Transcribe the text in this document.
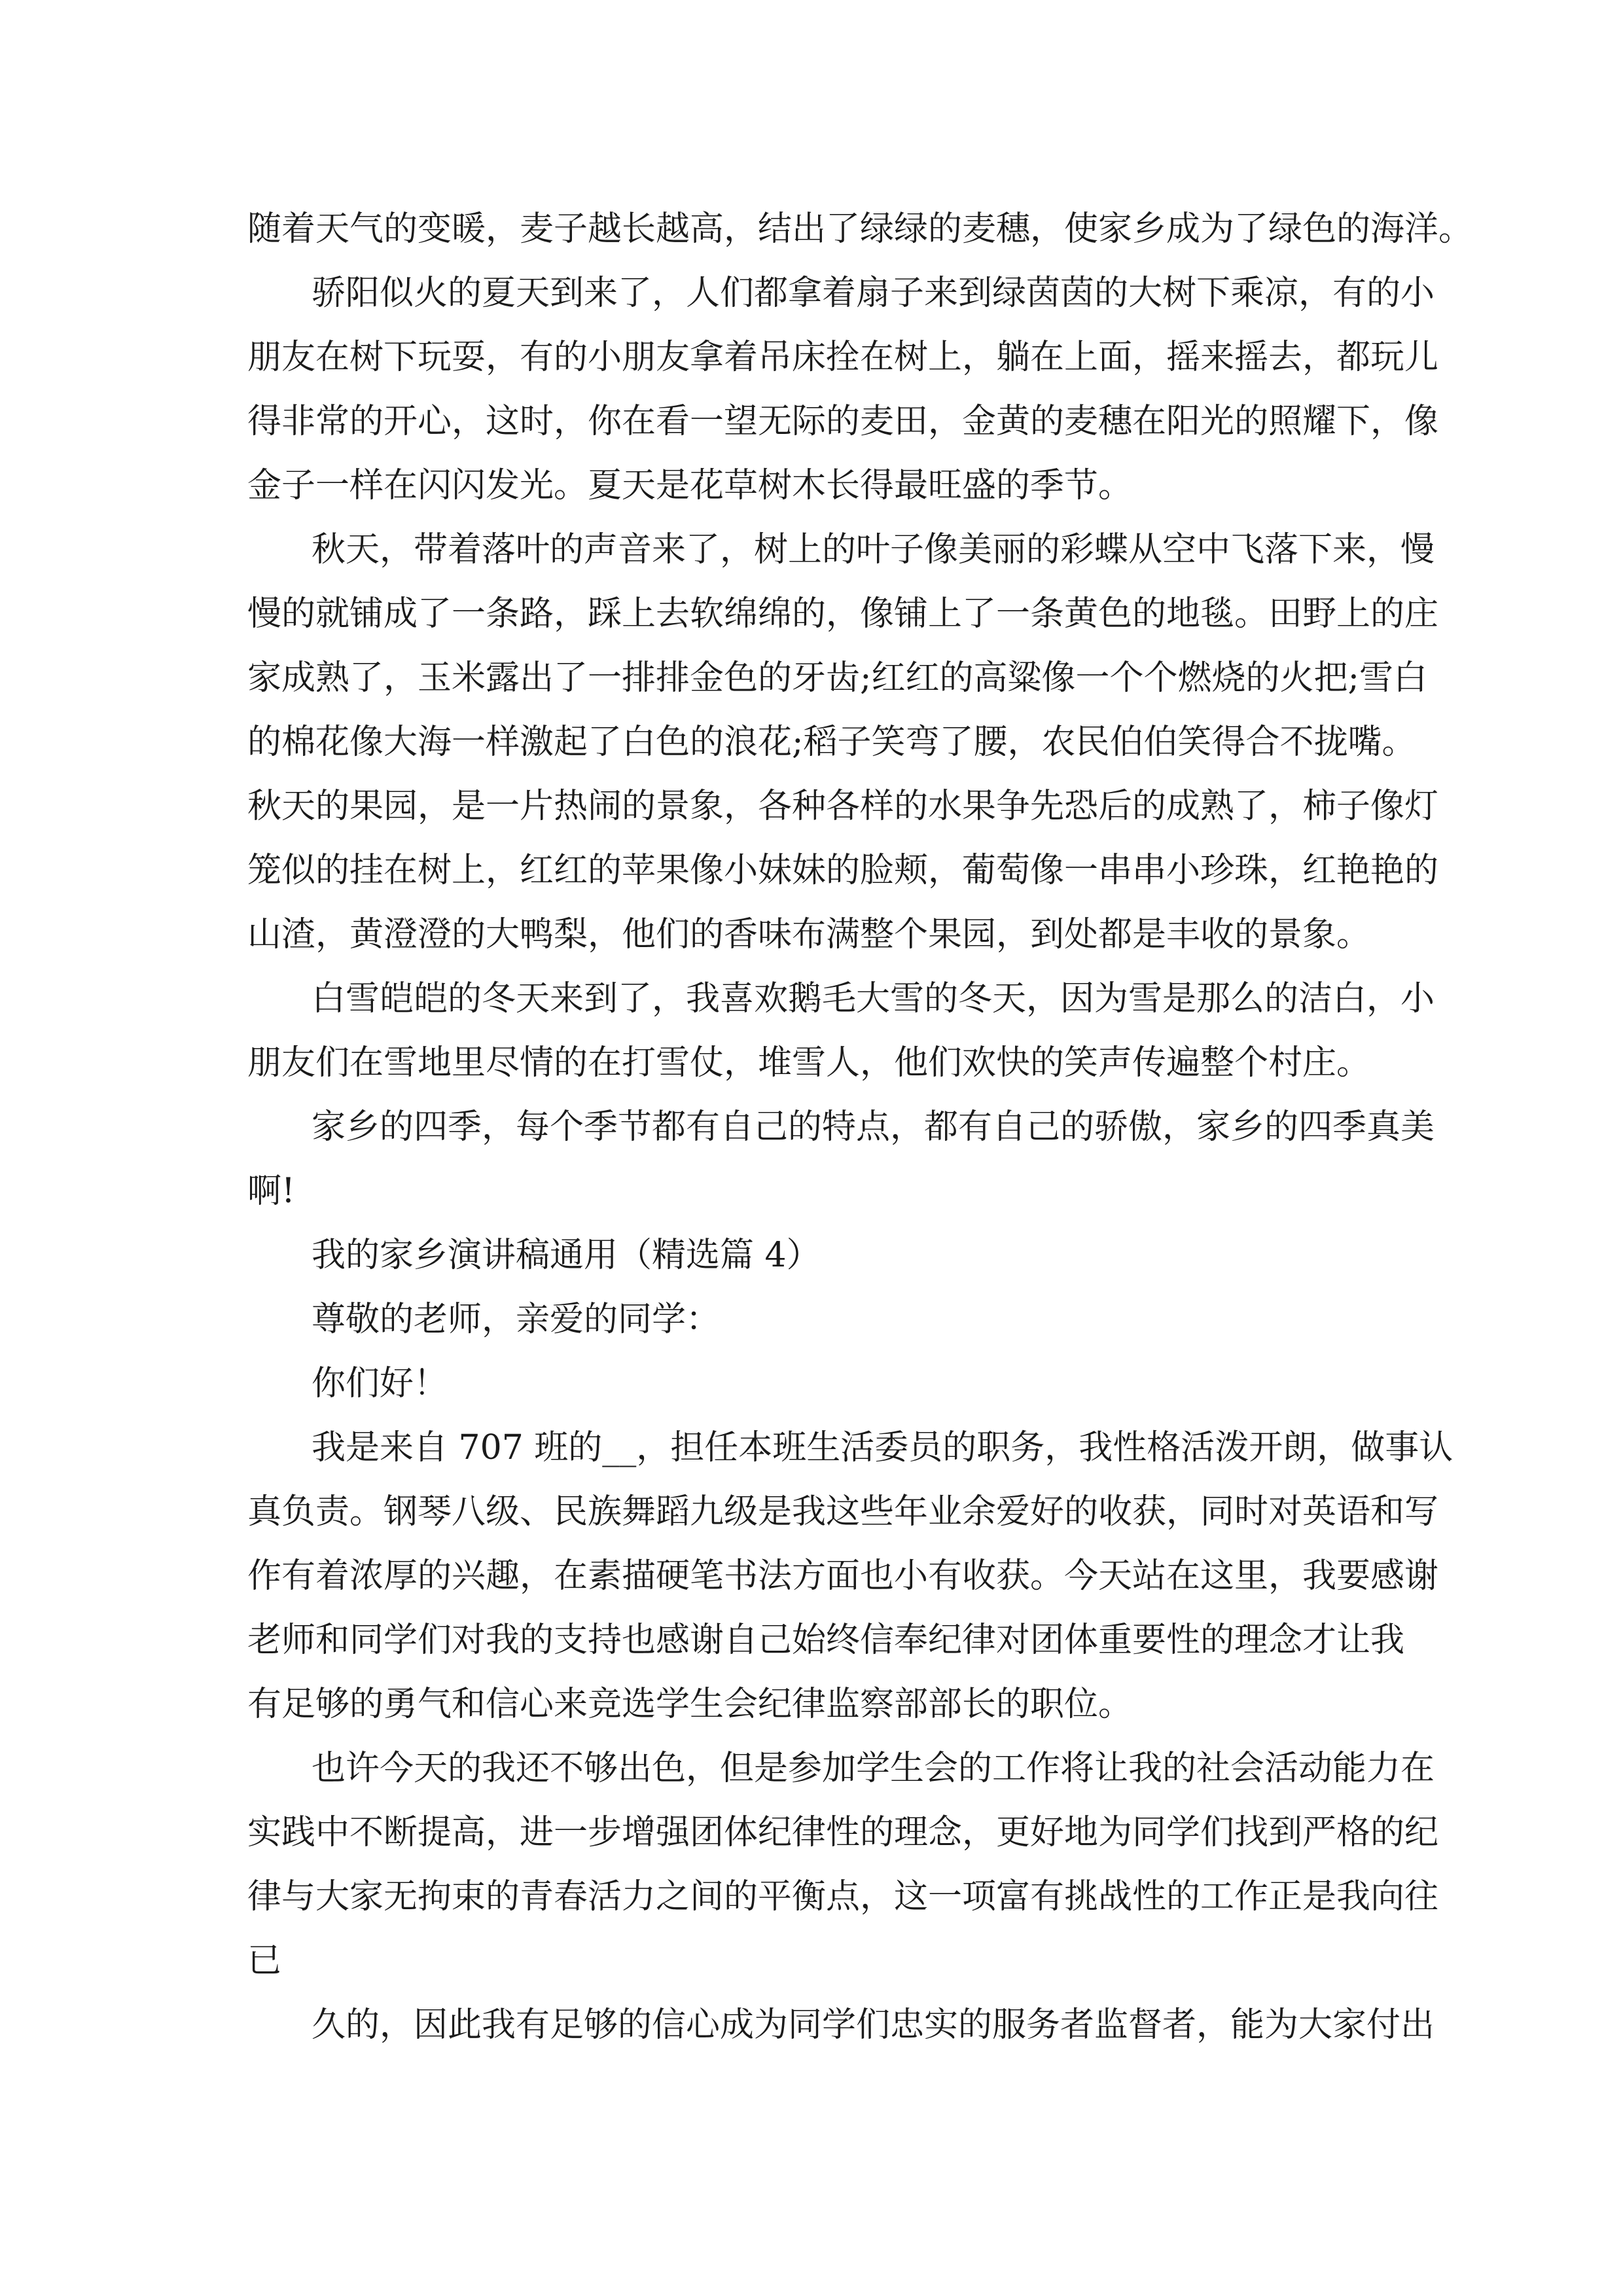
随着天气的变暖，麦子越长越高，结出了绿绿的麦穗，使家乡成为了绿色的海洋。

骄阳似火的夏天到来了，人们都拿着扇子来到绿茵茵的大树下乘凉，有的小

朋友在树下玩耍，有的小朋友拿着吊床拴在树上，躺在上面，摇来摇去，都玩儿

得非常的开心，这时，你在看一望无际的麦田，金黄的麦穗在阳光的照耀下，像

金子一样在闪闪发光。夏天是花草树木长得最旺盛的季节。

秋天，带着落叶的声音来了，树上的叶子像美丽的彩蝶从空中飞落下来，慢

慢的就铺成了一条路，踩上去软绵绵的，像铺上了一条黄色的地毯。田野上的庄

家成熟了，玉米露出了一排排金色的牙齿;红红的高粱像一个个燃烧的火把;雪白

的棉花像大海一样激起了白色的浪花;稻子笑弯了腰，农民伯伯笑得合不拢嘴。

秋天的果园，是一片热闹的景象，各种各样的水果争先恐后的成熟了，柿子像灯

笼似的挂在树上，红红的苹果像小妹妹的脸颊，葡萄像一串串小珍珠，红艳艳的

山渣，黄澄澄的大鸭梨，他们的香味布满整个果园，到处都是丰收的景象。

白雪皑皑的冬天来到了，我喜欢鹅毛大雪的冬天，因为雪是那么的洁白，小

朋友们在雪地里尽情的在打雪仗，堆雪人，他们欢快的笑声传遍整个村庄。

家乡的四季，每个季节都有自己的特点，都有自己的骄傲，家乡的四季真美

啊!

我的家乡演讲稿通用（精选篇 4）

尊敬的老师，亲爱的同学：

你们好！

我是来自 707 班的__，担任本班生活委员的职务，我性格活泼开朗，做事认

真负责。钢琴八级、民族舞蹈九级是我这些年业余爱好的收获，同时对英语和写

作有着浓厚的兴趣，在素描硬笔书法方面也小有收获。今天站在这里，我要感谢

老师和同学们对我的支持也感谢自己始终信奉纪律对团体重要性的理念才让我

有足够的勇气和信心来竞选学生会纪律监察部部长的职位。

也许今天的我还不够出色，但是参加学生会的工作将让我的社会活动能力在

实践中不断提高，进一步增强团体纪律性的理念，更好地为同学们找到严格的纪

律与大家无拘束的青春活力之间的平衡点，这一项富有挑战性的工作正是我向往

已

久的，因此我有足够的信心成为同学们忠实的服务者监督者，能为大家付出
